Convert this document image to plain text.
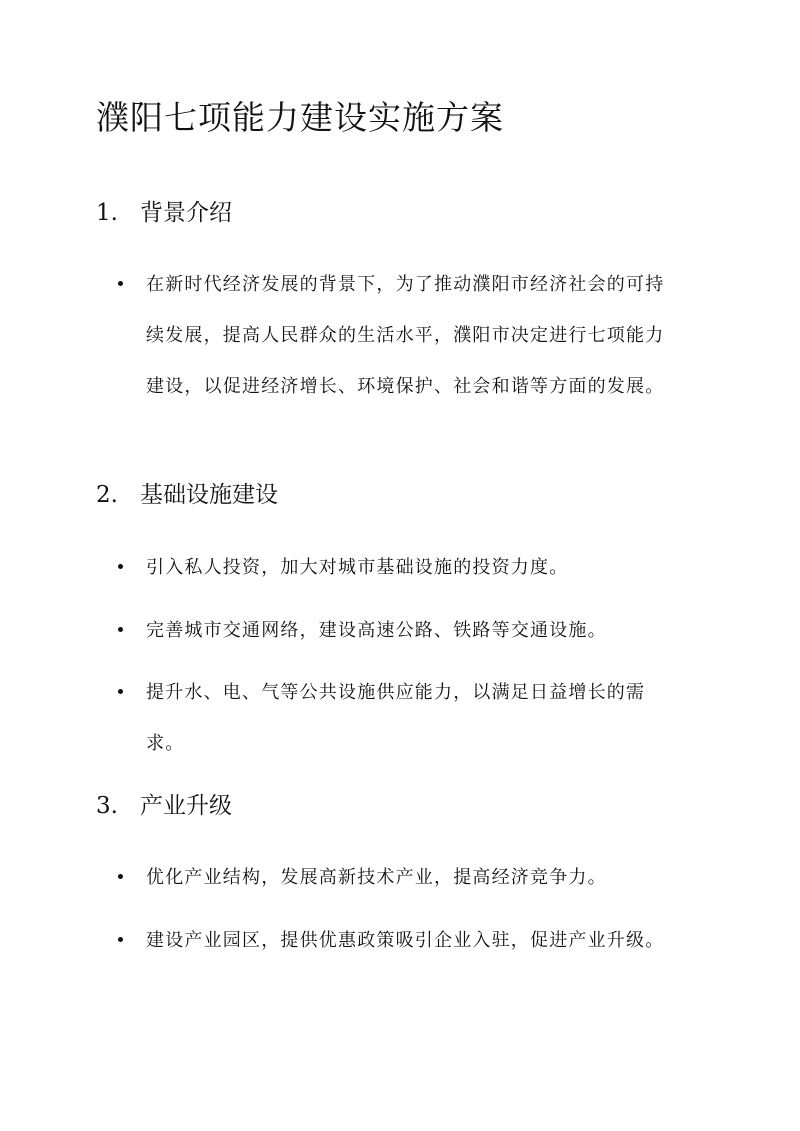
濮阳七项能力建设实施方案
1. 背景介绍
在新时代经济发展的背景下，为了推动濮阳市经济社会的可持续发展，提高人民群众的生活水平，濮阳市决定进行七项能力建设，以促进经济增长、环境保护、社会和谐等方面的发展。
2. 基础设施建设
引入私人投资，加大对城市基础设施的投资力度。
完善城市交通网络，建设高速公路、铁路等交通设施。
提升水、电、气等公共设施供应能力，以满足日益增长的需求。
3. 产业升级
优化产业结构，发展高新技术产业，提高经济竞争力。
建设产业园区，提供优惠政策吸引企业入驻，促进产业升级。
